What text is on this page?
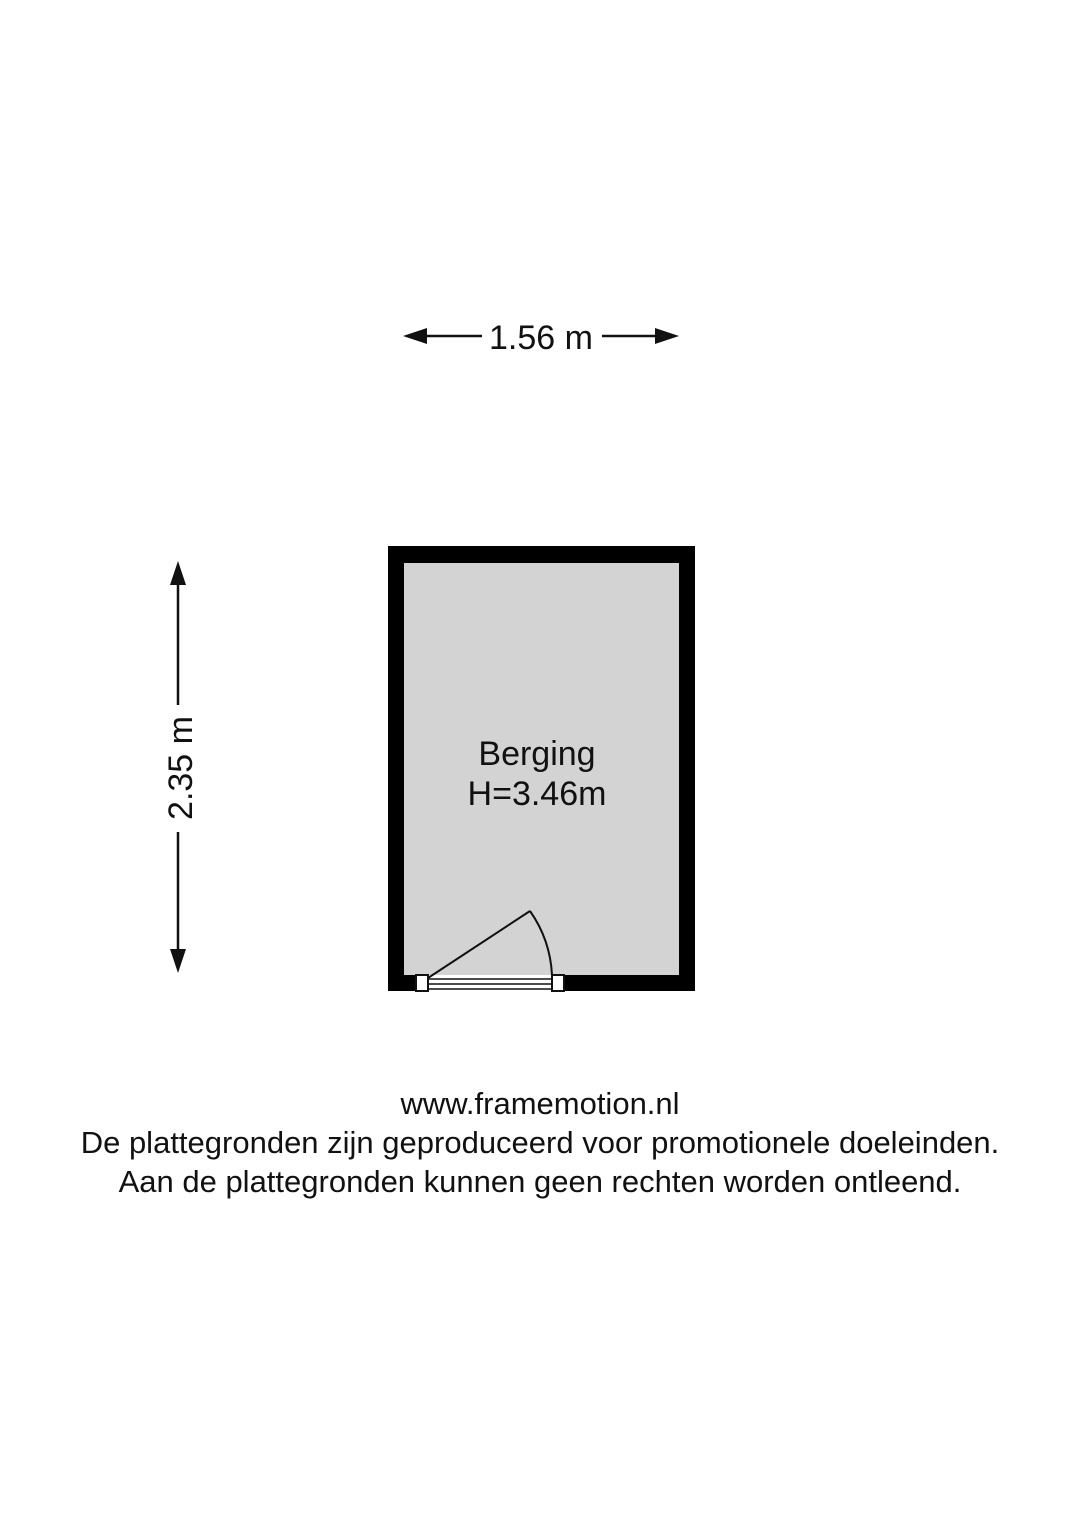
1.56 m
2.35 m	Berging
H=3.46m
www.framemotion.nl
De plattegronden zijn geproduceerd voor promotionele doeleinden.
Aan de plattegronden kunnen geen rechten worden ontleend.
